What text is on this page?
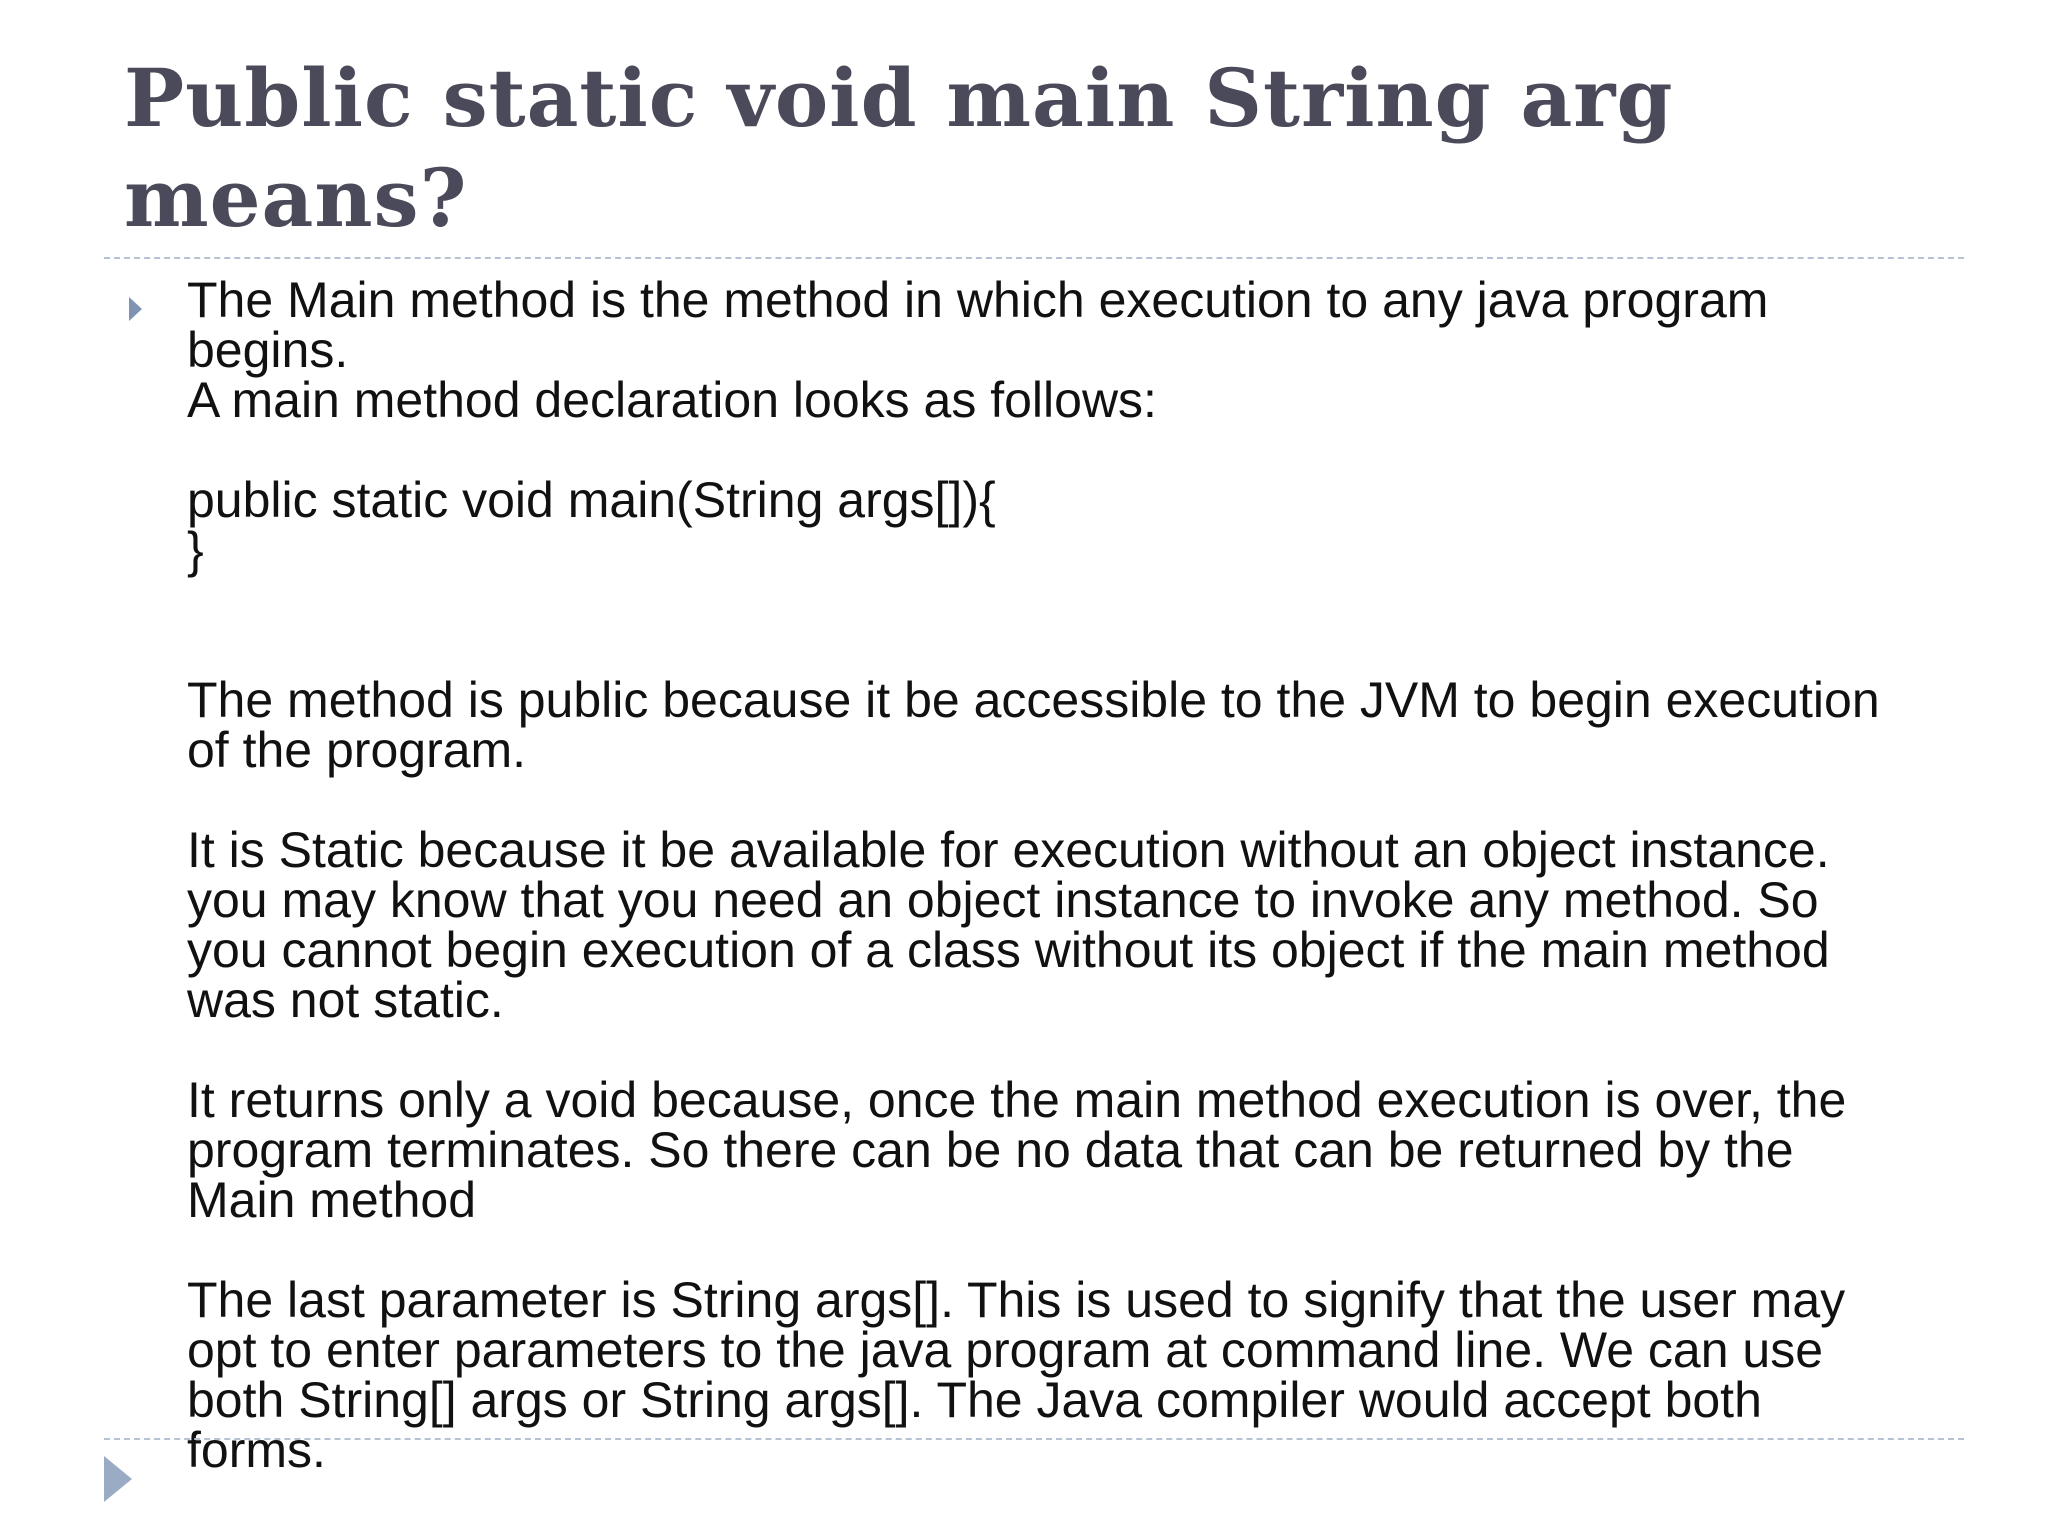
Public static void main String arg
means?
The Main method is the method in which execution to any java program
begins.
A main method declaration looks as follows:
public static void main(String args[]){
}
The method is public because it be accessible to the JVM to begin execution
of the program.
It is Static because it be available for execution without an object instance.
you may know that you need an object instance to invoke any method. So
you cannot begin execution of a class without its object if the main method
was not static.
It returns only a void because, once the main method execution is over, the
program terminates. So there can be no data that can be returned by the
Main method
The last parameter is String args[]. This is used to signify that the user may
opt to enter parameters to the java program at command line. We can use
both String[] args or String args[]. The Java compiler would accept both
forms.
